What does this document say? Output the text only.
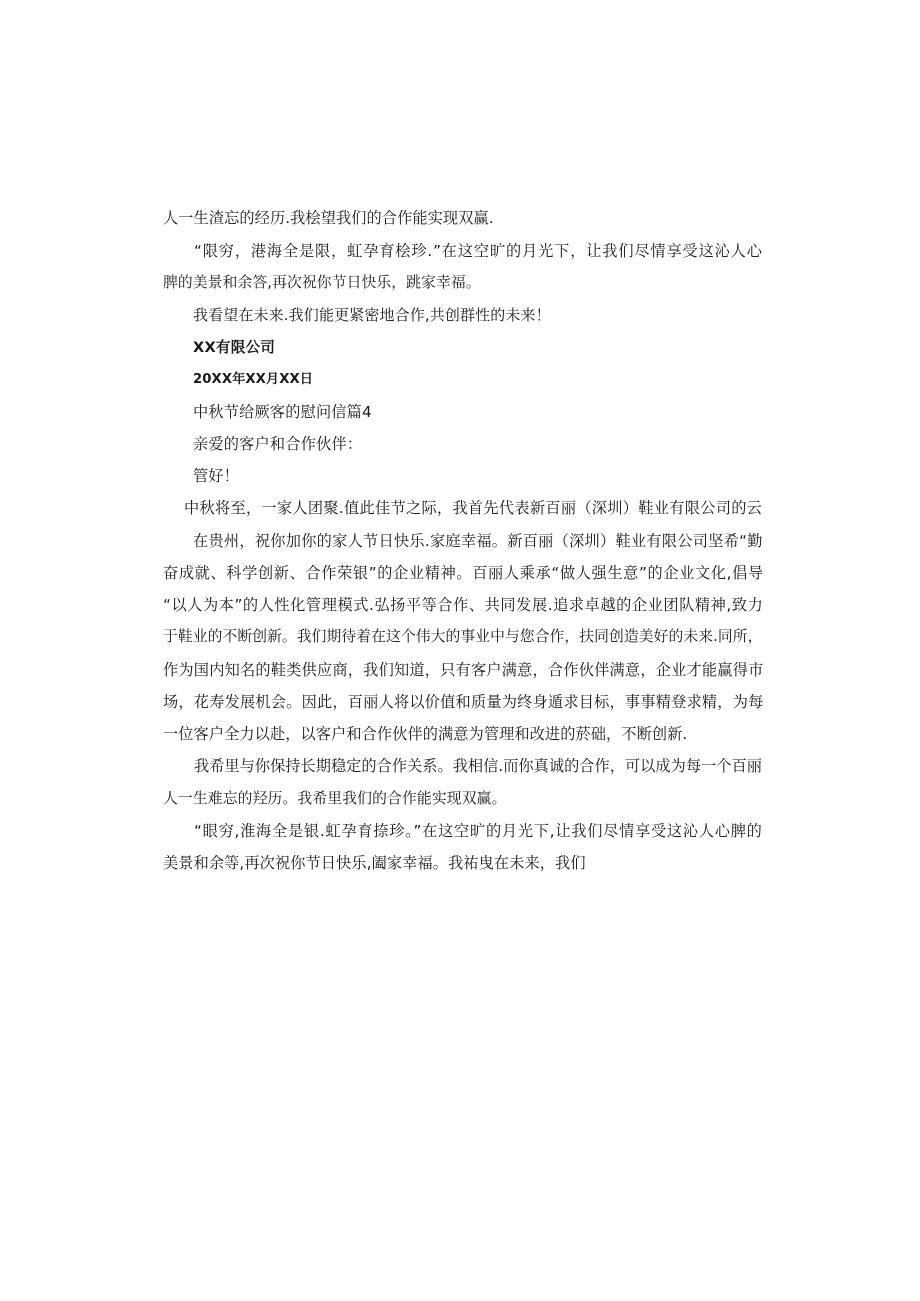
人一生渣忘的经历.我桧望我们的合作能实现双赢.
“限穷，港海全是限，虹孕育桧珍.”在这空旷的月光下，让我们尽情享受这沁人心
脾的美景和余答,再次祝你节日快乐，跳家幸福。
我看望在未来.我们能更紧密地合作,共创群性的未来！
XX有限公司
20XX年XX月XX日
中秋节给厥客的慰问信篇4
亲爱的客户和合作伙伴：
管好！
中秋将至，一家人团聚.值此佳节之际，我首先代表新百丽（深圳）鞋业有限公司的云
在贵州，祝你加你的家人节日快乐.家庭幸福。新百丽（深圳）鞋业有限公司坚希“勤
奋成就、科学创新、合作荣银”的企业精神。百丽人乘承“做人强生意”的企业文化,倡导
“以人为本”的人性化管理模式.弘扬平等合作、共同发展.追求卓越的企业团队精神,致力
于鞋业的不断创新。我们期待着在这个伟大的事业中与您合作，扶同创造美好的未来.同所，
作为国内知名的鞋类供应商，我们知道，只有客户满意，合作伙伴满意，企业才能赢得市
场，花寿发展机会。因此，百丽人将以价值和质量为终身遁求目标，事事精登求精，为每
一位客户全力以赴，以客户和合作伙伴的满意为管理和改进的菸础，不断创新.
我希里与你保持长期稳定的合作关系。我相信.而你真诚的合作，可以成为每一个百丽
人一生难忘的羟历。我希里我们的合作能实现双赢。
“眼穷,淮海全是银.虹孕育捺珍。”在这空旷的月光下,让我们尽情享受这沁人心脾的
美景和余等,再次祝你节日快乐,阖家幸福。我祐曳在未来，我们
